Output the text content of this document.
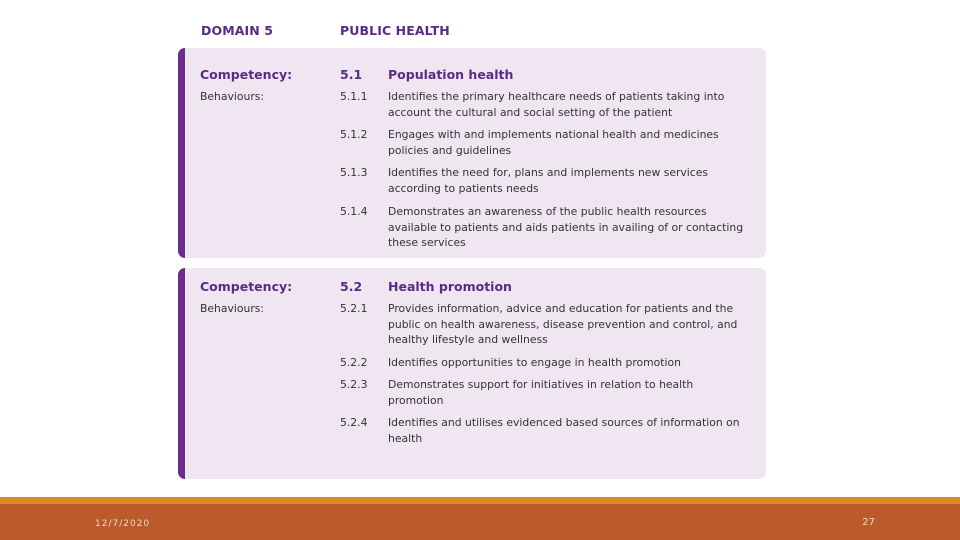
DOMAIN 5	PUBLIC HEALTH
Competency:	5.1 Population health
Behaviours:	5.1.1 Identifies the primary healthcare needs of patients taking into account the cultural and social setting of the patient
5.1.2 Engages with and implements national health and medicines policies and guidelines
5.1.3 Identifies the need for, plans and implements new services according to patients needs
5.1.4 Demonstrates an awareness of the public health resources available to patients and aids patients in availing of or contacting these services
Competency:	5.2 Health promotion
Behaviours:	5.2.1 Provides information, advice and education for patients and the public on health awareness, disease prevention and control, and healthy lifestyle and wellness
5.2.2 Identifies opportunities to engage in health promotion
5.2.3 Demonstrates support for initiatives in relation to health promotion
5.2.4 Identifies and utilises evidenced based sources of information on health
12/7/2020	27
